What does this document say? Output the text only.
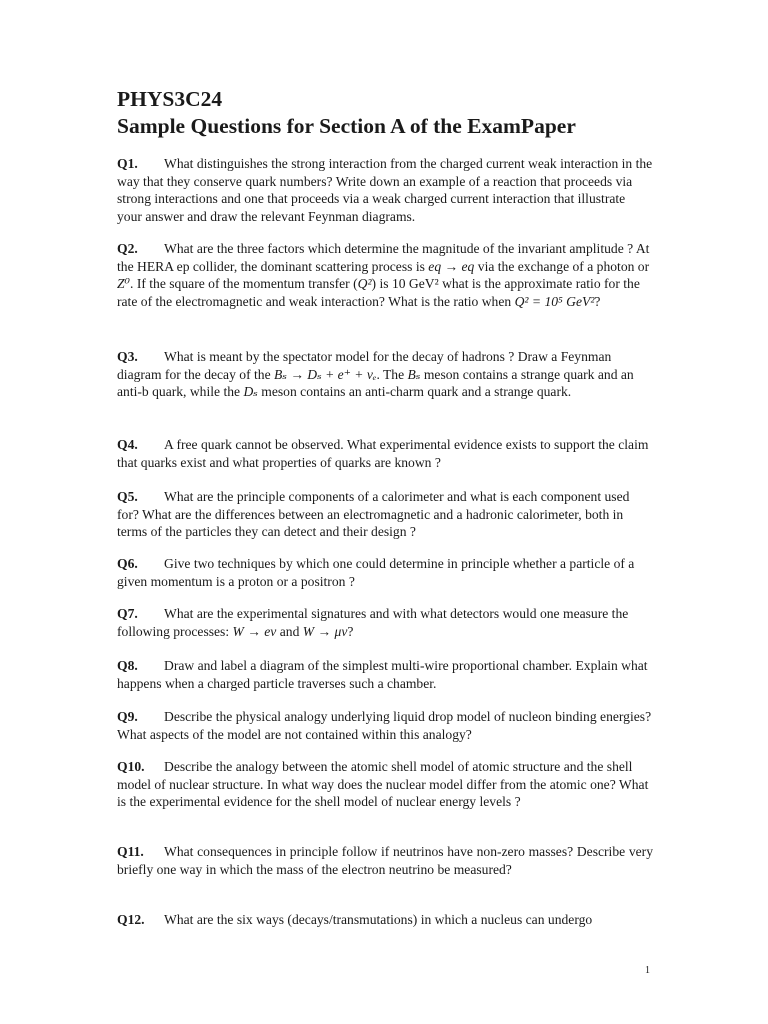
PHYS3C24
Sample Questions for Section A of the ExamPaper

Q1. What distinguishes the strong interaction from the charged current weak interaction in the way that they conserve quark numbers? Write down an example of a reaction that proceeds via strong interactions and one that proceeds via a weak charged current interaction that illustrate your answer and draw the relevant Feynman diagrams.

Q2. What are the three factors which determine the magnitude of the invariant amplitude ? At the HERA ep collider, the dominant scattering process is eq → eq via the exchange of a photon or Z⁰. If the square of the momentum transfer (Q²) is 10 GeV² what is the approximate ratio for the rate of the electromagnetic and weak interaction? What is the ratio when Q² = 10⁵ GeV²?

Q3. What is meant by the spectator model for the decay of hadrons ? Draw a Feynman diagram for the decay of the Bₛ → Dₛ + e⁺ + νₑ. The Bₛ meson contains a strange quark and an anti-b quark, while the Dₛ meson contains an anti-charm quark and a strange quark.

Q4. A free quark cannot be observed. What experimental evidence exists to support the claim that quarks exist and what properties of quarks are known ?

Q5. What are the principle components of a calorimeter and what is each component used for? What are the differences between an electromagnetic and a hadronic calorimeter, both in terms of the particles they can detect and their design ?

Q6. Give two techniques by which one could determine in principle whether a particle of a given momentum is a proton or a positron ?

Q7. What are the experimental signatures and with what detectors would one measure the following processes: W → eν and W → μν?

Q8. Draw and label a diagram of the simplest multi-wire proportional chamber. Explain what happens when a charged particle traverses such a chamber.

Q9. Describe the physical analogy underlying liquid drop model of nucleon binding energies? What aspects of the model are not contained within this analogy?

Q10. Describe the analogy between the atomic shell model of atomic structure and the shell model of nuclear structure. In what way does the nuclear model differ from the atomic one? What is the experimental evidence for the shell model of nuclear energy levels ?

Q11. What consequences in principle follow if neutrinos have non-zero masses? Describe very briefly one way in which the mass of the electron neutrino be measured?

Q12. What are the six ways (decays/transmutations) in which a nucleus can undergo

1
